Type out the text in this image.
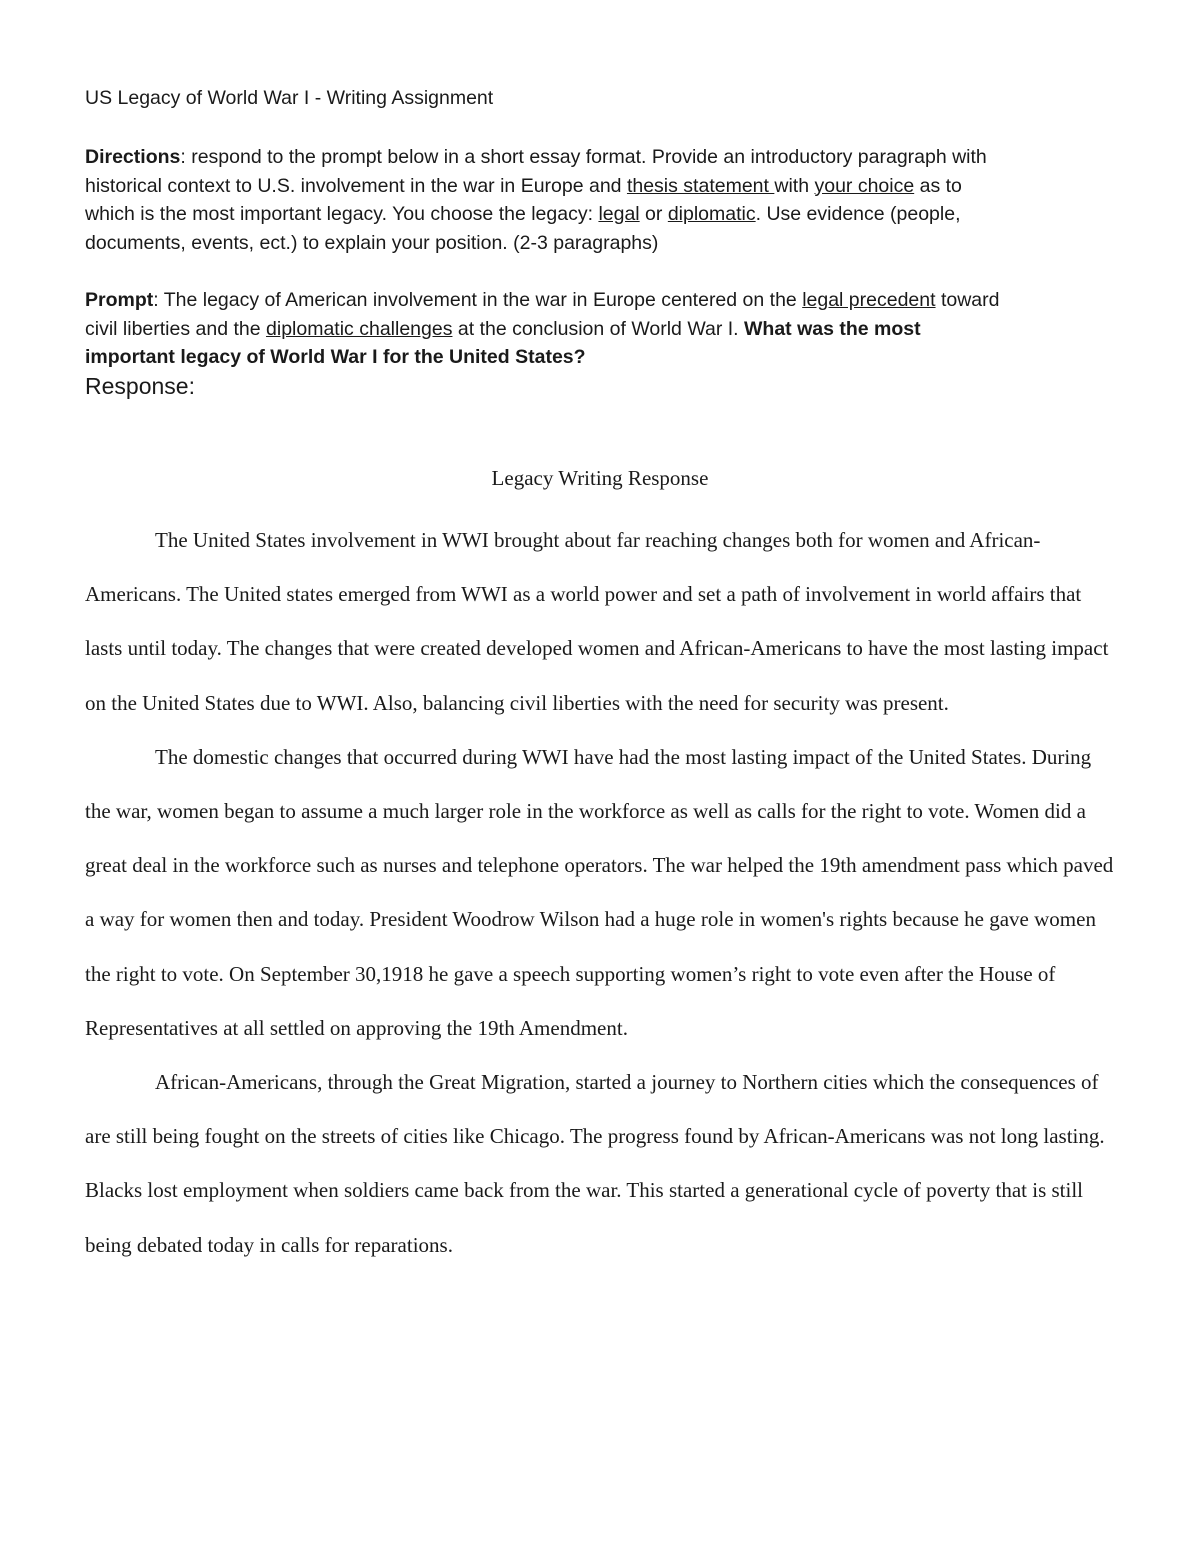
US Legacy of World War I - Writing Assignment
Directions: respond to the prompt below in a short essay format. Provide an introductory paragraph with
historical context to U.S. involvement in the war in Europe and thesis statement with your choice as to
which is the most important legacy. You choose the legacy: legal or diplomatic. Use evidence (people,
documents, events, ect.) to explain your position. (2-3 paragraphs)
Prompt: The legacy of American involvement in the war in Europe centered on the legal precedent toward
civil liberties and the diplomatic challenges at the conclusion of World War I. What was the most
important legacy of World War I for the United States?
Response:
Legacy Writing Response

The United States involvement in WWI brought about far reaching changes both for women and African-Americans. The United states emerged from WWI as a world power and set a path of involvement in world affairs that lasts until today. The changes that were created developed women and African-Americans to have the most lasting impact on the United States due to WWI. Also, balancing civil liberties with the need for security was present.

The domestic changes that occurred during WWI have had the most lasting impact of the United States. During the war, women began to assume a much larger role in the workforce as well as calls for the right to vote. Women did a great deal in the workforce such as nurses and telephone operators. The war helped the 19th amendment pass which paved a way for women then and today. President Woodrow Wilson had a huge role in women's rights because he gave women the right to vote. On September 30,1918 he gave a speech supporting women’s right to vote even after the House of Representatives at all settled on approving the 19th Amendment.

African-Americans, through the Great Migration, started a journey to Northern cities which the consequences of are still being fought on the streets of cities like Chicago. The progress found by African-Americans was not long lasting. Blacks lost employment when soldiers came back from the war. This started a generational cycle of poverty that is still being debated today in calls for reparations.
